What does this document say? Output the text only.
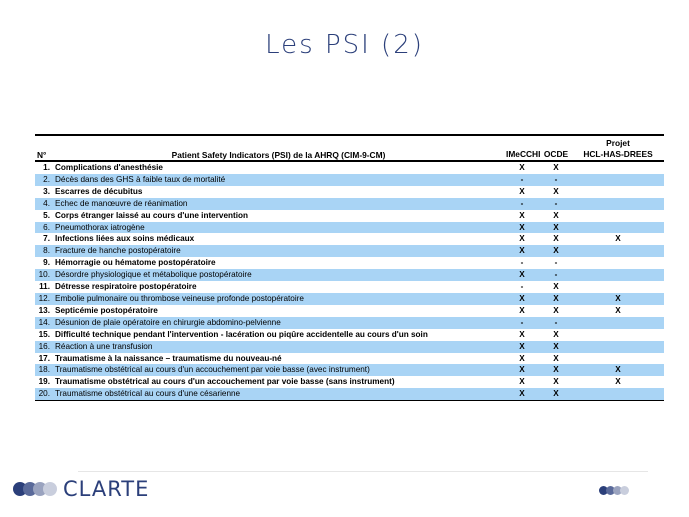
Les PSI (2)
N°	Patient Safety Indicators (PSI) de la AHRQ (CIM-9-CM)	IMeCCHI	OCDE	Projet
HCL-HAS-DREES

1.	Complications d'anesthésie	X	X	
2.	Décès dans des GHS à faible taux de mortalité	-	-	
3.	Escarres de décubitus	X	X	
4.	Echec de manœuvre de réanimation	-	-	
5.	Corps étranger laissé au cours d'une intervention	X	X	
6.	Pneumothorax iatrogène	X	X	
7.	Infections liées aux soins médicaux	X	X	X
8.	Fracture de hanche postopératoire	X	X	
9.	Hémorragie ou hématome postopératoire	-	-	
10.	Désordre physiologique et métabolique postopératoire	X	-	
11.	Détresse respiratoire postopératoire	-	X	
12.	Embolie pulmonaire ou thrombose veineuse profonde postopératoire	X	X	X
13.	Septicémie postopératoire	X	X	X
14.	Désunion de plaie opératoire en chirurgie abdomino-pelvienne	-	-	
15.	Difficulté technique pendant l'intervention - lacération ou piqûre accidentelle au cours d'un soin	X	X	
16.	Réaction à une transfusion	X	X	
17.	Traumatisme à la naissance – traumatisme du nouveau-né	X	X	
18.	Traumatisme obstétrical au cours d'un accouchement par voie basse (avec instrument)	X	X	X
19.	Traumatisme obstétrical au cours d'un accouchement par voie basse (sans instrument)	X	X	X
20.	Traumatisme obstétrical au cours d'une césarienne	X	X	
CLARTE
